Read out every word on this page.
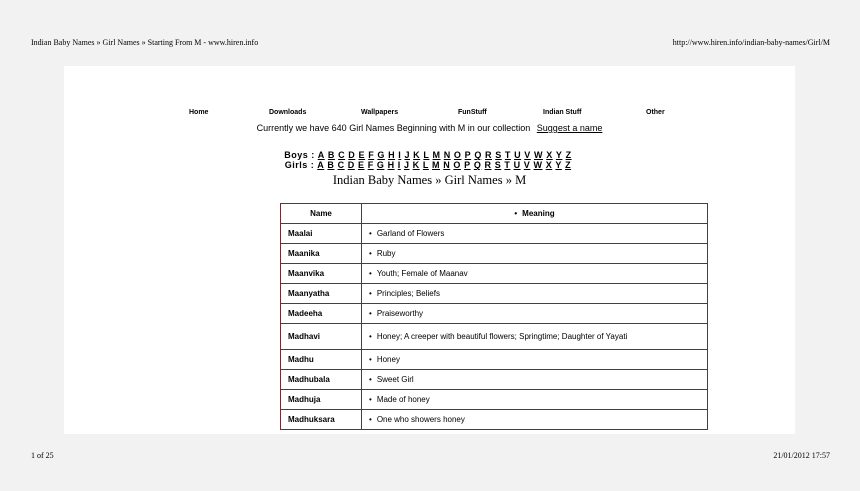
Indian Baby Names » Girl Names » Starting From M - www.hiren.info	http://www.hiren.info/indian-baby-names/Girl/M
Home	Downloads	Wallpapers	FunStuff	Indian Stuff	Other
Currently we have 640 Girl Names Beginning with M in our collection Suggest a name
Boys : A B C D E F G H I J K L M N O P Q R S T U V W X Y Z
Girls : A B C D E F G H I J K L M N O P Q R S T U V W X Y Z
Indian Baby Names » Girl Names » M
Name	• Meaning
Maalai	• Garland of Flowers
Maanika	• Ruby
Maanvika	• Youth; Female of Maanav
Maanyatha	• Principles; Beliefs
Madeeha	• Praiseworthy
Madhavi	• Honey; A creeper with beautiful flowers; Springtime; Daughter of Yayati
Madhu	• Honey
Madhubala	• Sweet Girl
Madhuja	• Made of honey
Madhuksara	• One who showers honey
1 of 25	21/01/2012 17:57
